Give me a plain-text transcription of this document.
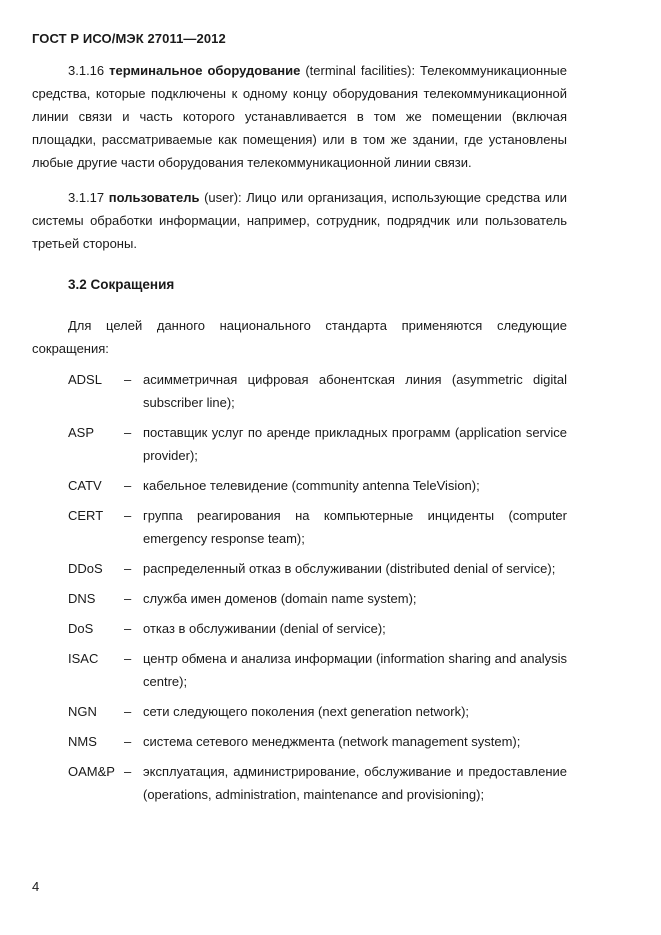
ГОСТ Р ИСО/МЭК 27011—2012

3.1.16 терминальное оборудование (terminal facilities): Телекоммуникационные средства, которые подключены к одному концу оборудования телекоммуникационной линии связи и часть которого устанавливается в том же помещении (включая площадки, рассматриваемые как помещения) или в том же здании, где установлены любые другие части оборудования телекоммуникационной линии связи.

3.1.17 пользователь (user): Лицо или организация, использующие средства или системы обработки информации, например, сотрудник, подрядчик или пользователь третьей стороны.

3.2 Сокращения

Для целей данного национального стандарта применяются следующие сокращения:

ADSL	– асимметричная цифровая абонентская линия (asymmetric digital subscriber line);
ASP	– поставщик услуг по аренде прикладных программ (application service provider);
CATV	– кабельное телевидение (community antenna TeleVision);
CERT	– группа реагирования на компьютерные инциденты (computer emergency response team);
DDoS	– распределенный отказ в обслуживании (distributed denial of service);
DNS	– служба имен доменов (domain name system);
DoS	– отказ в обслуживании (denial of service);
ISAC	– центр обмена и анализа информации (information sharing and analysis centre);
NGN	– сети следующего поколения (next generation network);
NMS	– система сетевого менеджмента (network management system);
OAM&P – эксплуатация, администрирование, обслуживание и предоставление (operations, administration, maintenance and provisioning);
4
